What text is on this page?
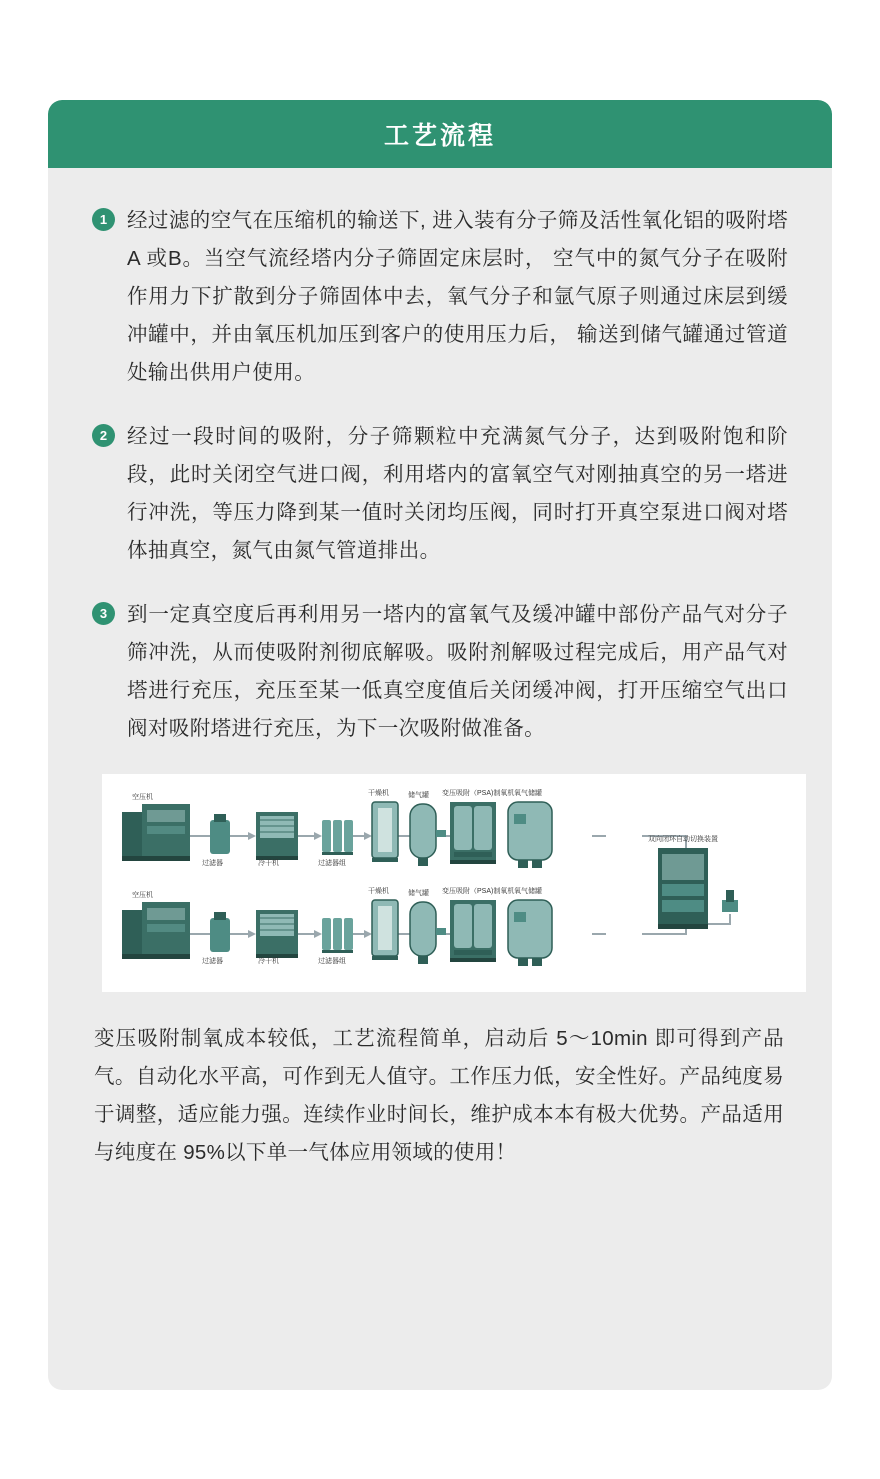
工艺流程
1 经过滤的空气在压缩机的输送下, 进入装有分子筛及活性氧化铝的吸附塔A 或B。当空气流经塔内分子筛固定床层时， 空气中的氮气分子在吸附作用力下扩散到分子筛固体中去，氧气分子和氩气原子则通过床层到缓冲罐中，并由氧压机加压到客户的使用压力后， 输送到储气罐通过管道处输出供用户使用。
2 经过一段时间的吸附，分子筛颗粒中充满氮气分子，达到吸附饱和阶段，此时关闭空气进口阀，利用塔内的富氧空气对刚抽真空的另一塔进行冲洗，等压力降到某一值时关闭均压阀，同时打开真空泵进口阀对塔体抽真空，氮气由氮气管道排出。
3 到一定真空度后再利用另一塔内的富氧气及缓冲罐中部份产品气对分子筛冲洗，从而使吸附剂彻底解吸。吸附剂解吸过程完成后，用产品气对塔进行充压，充压至某一低真空度值后关闭缓冲阀，打开压缩空气出口阀对吸附塔进行充压，为下一次吸附做准备。
空压机
过滤器	冷干机	过滤器组
干燥机	储气罐 变压吸附（PSA)制氧机 氧气储罐
空压机
过滤器	冷干机	过滤器组
干燥机	储气罐 变压吸附（PSA)制氧机 氧气储罐
双向闭环自动切换装置
变压吸附制氧成本较低，工艺流程简单，启动后 5～10min 即可得到产品气。自动化水平高，可作到无人值守。工作压力低，安全性好。产品纯度易于调整，适应能力强。连续作业时间长，维护成本本有极大优势。产品适用与纯度在 95%以下单一气体应用领域的使用！
